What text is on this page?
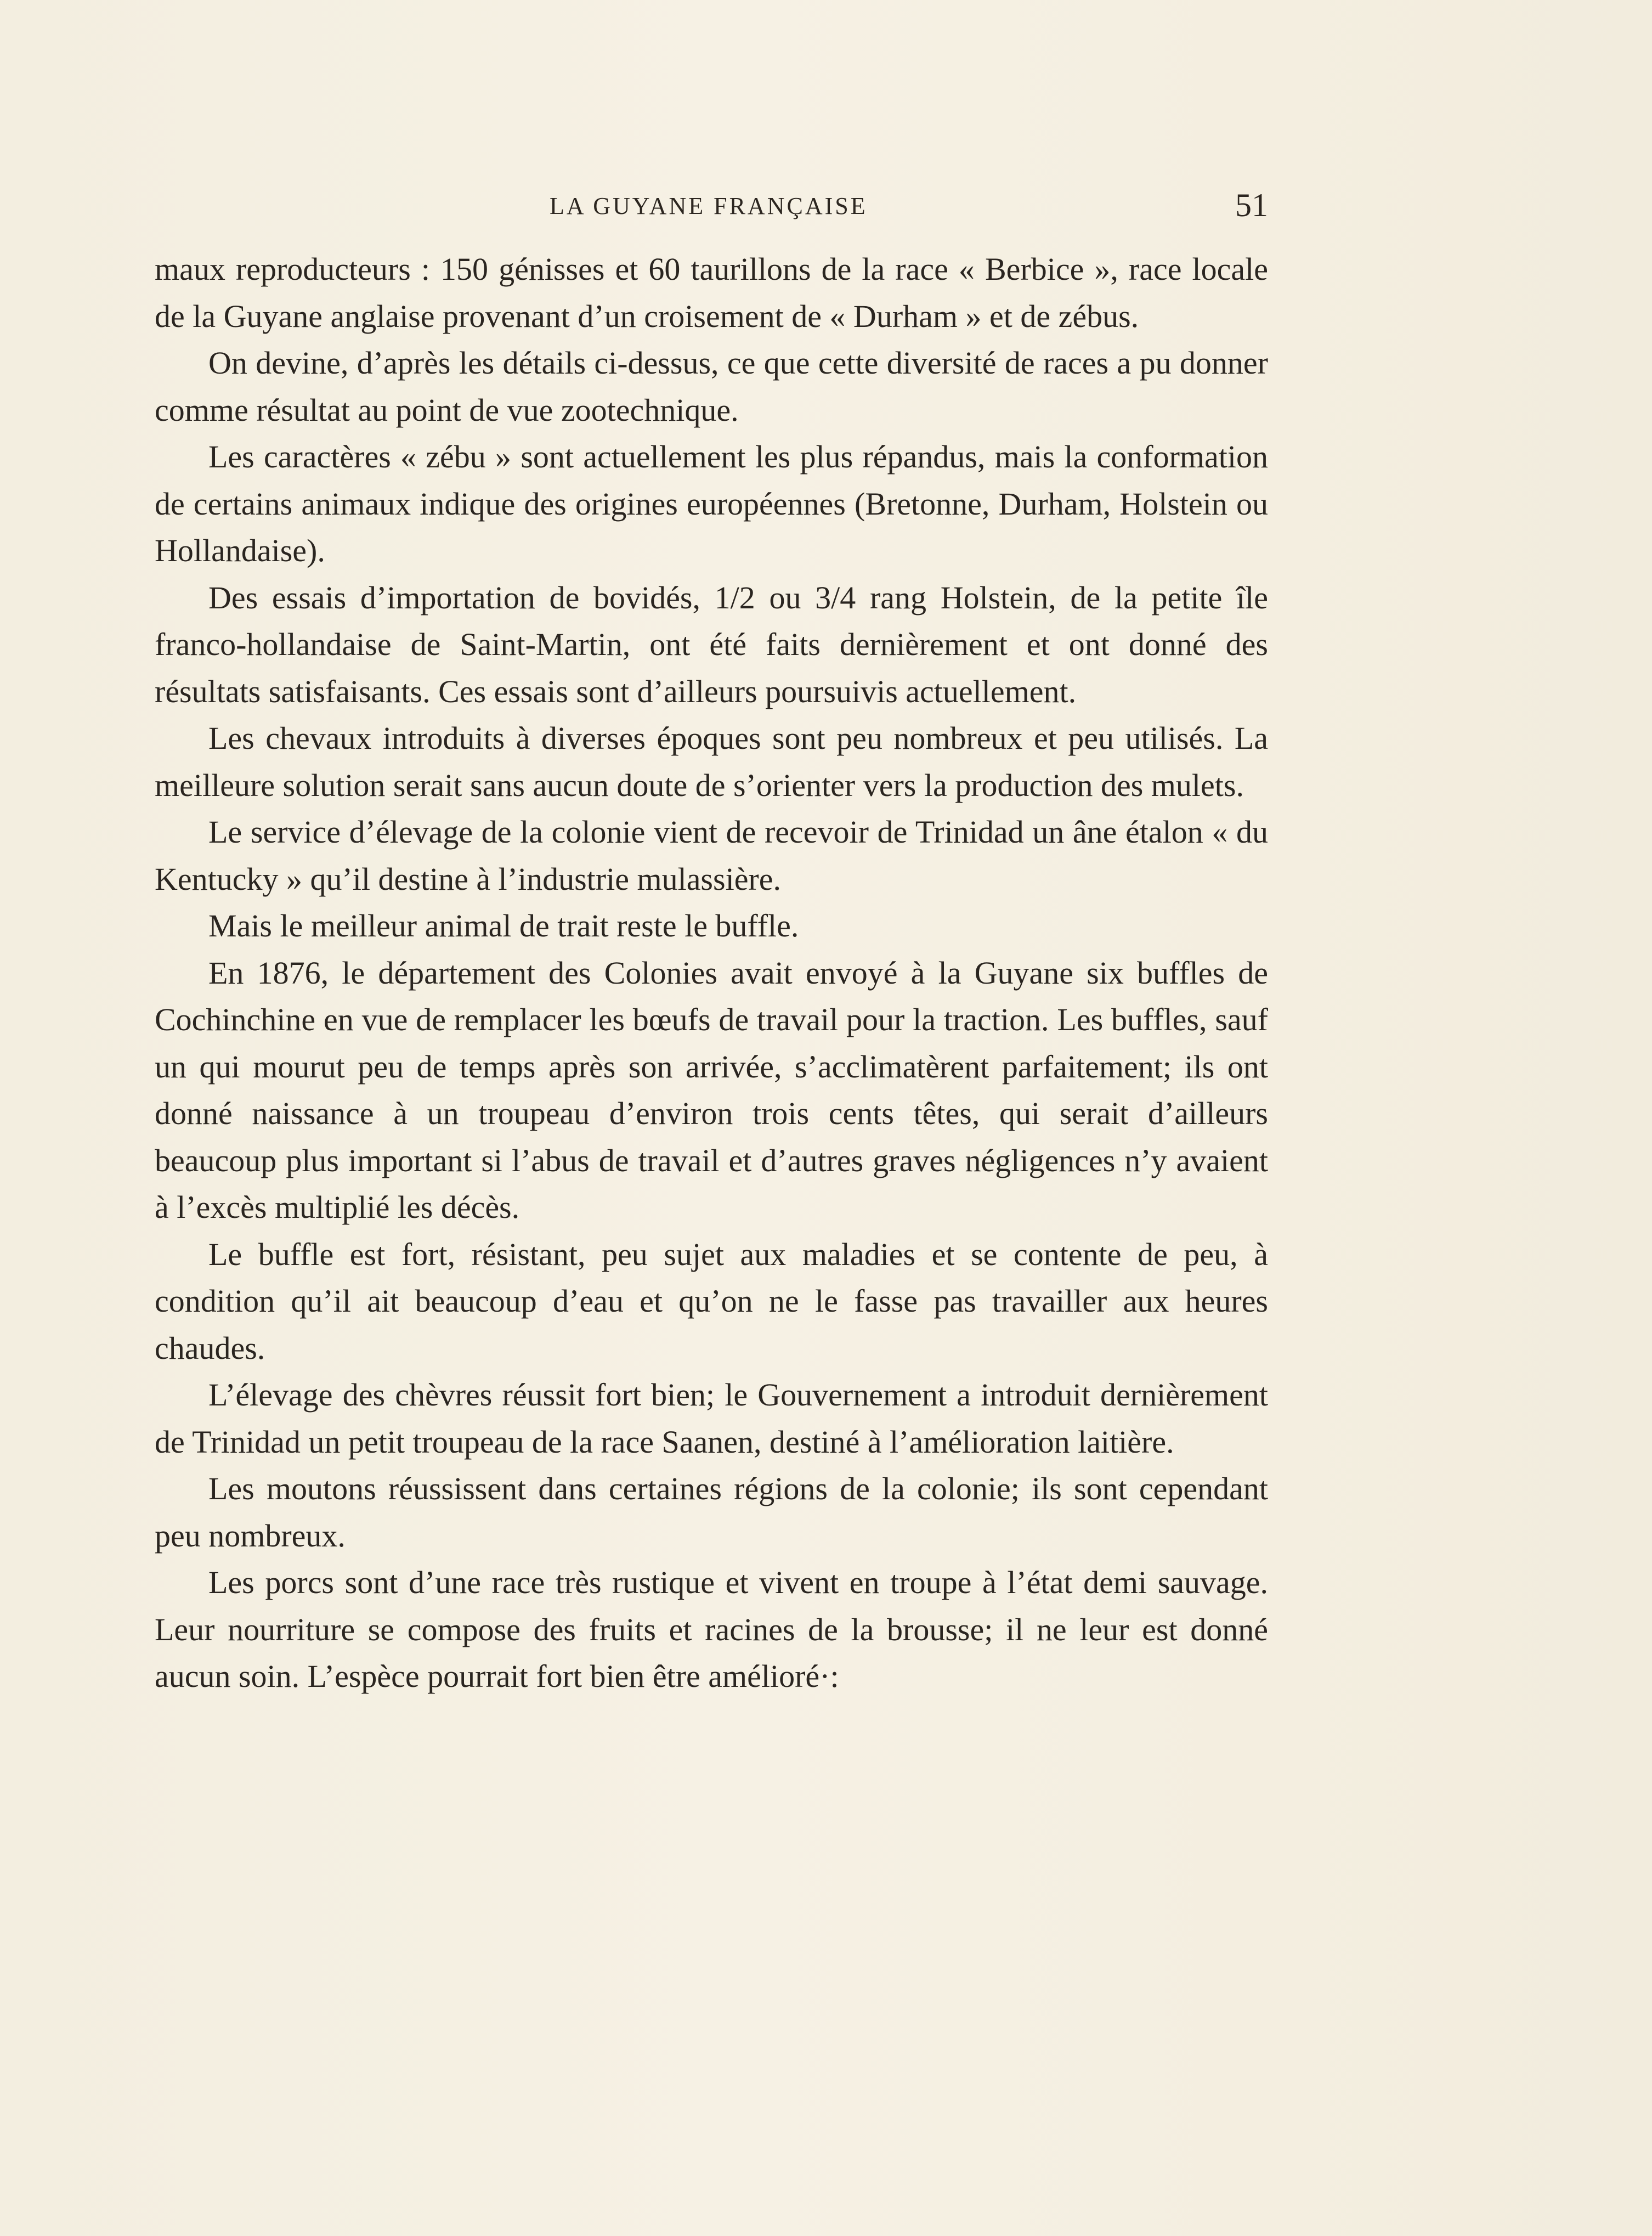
LA GUYANE FRANÇAISE	51

maux reproducteurs : 150 génisses et 60 taurillons de la race « Berbice », race locale de la Guyane anglaise provenant d’un croisement de « Durham » et de zébus.

On devine, d’après les détails ci-dessus, ce que cette diversité de races a pu donner comme résultat au point de vue zootechnique.

Les caractères « zébu » sont actuellement les plus répandus, mais la conformation de certains animaux indique des origines européennes (Bretonne, Durham, Holstein ou Hollandaise).

Des essais d’importation de bovidés, 1/2 ou 3/4 rang Holstein, de la petite île franco-hollandaise de Saint-Martin, ont été faits dernièrement et ont donné des résultats satisfaisants. Ces essais sont d’ailleurs poursuivis actuellement.

Les chevaux introduits à diverses époques sont peu nombreux et peu utilisés. La meilleure solution serait sans aucun doute de s’orienter vers la production des mulets.

Le service d’élevage de la colonie vient de recevoir de Trinidad un âne étalon « du Kentucky » qu’il destine à l’industrie mulassière.

Mais le meilleur animal de trait reste le buffle.

En 1876, le département des Colonies avait envoyé à la Guyane six buffles de Cochinchine en vue de remplacer les bœufs de travail pour la traction. Les buffles, sauf un qui mourut peu de temps après son arrivée, s’acclimatèrent parfaitement; ils ont donné naissance à un troupeau d’environ trois cents têtes, qui serait d’ailleurs beaucoup plus important si l’abus de travail et d’autres graves négligences n’y avaient à l’excès multiplié les décès.

Le buffle est fort, résistant, peu sujet aux maladies et se contente de peu, à condition qu’il ait beaucoup d’eau et qu’on ne le fasse pas travailler aux heures chaudes.

L’élevage des chèvres réussit fort bien; le Gouvernement a introduit dernièrement de Trinidad un petit troupeau de la race Saanen, destiné à l’amélioration laitière.

Les moutons réussissent dans certaines régions de la colonie; ils sont cependant peu nombreux.

Les porcs sont d’une race très rustique et vivent en troupe à l’état demi sauvage. Leur nourriture se compose des fruits et racines de la brousse; il ne leur est donné aucun soin. L’espèce pourrait fort bien être amélioré·:
